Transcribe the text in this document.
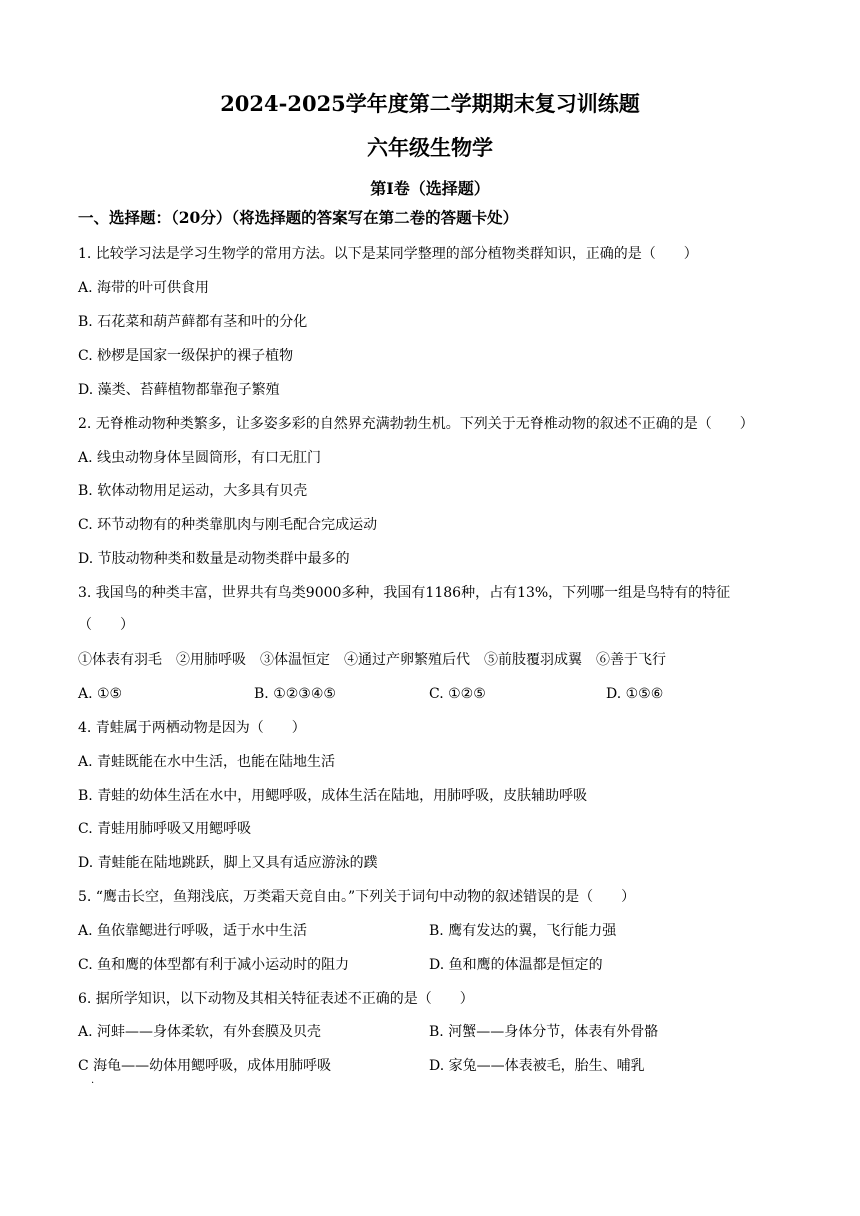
2024-2025学年度第二学期期末复习训练题
六年级生物学
第Ⅰ卷（选择题）
一、选择题：（20分）（将选择题的答案写在第二卷的答题卡处）
1. 比较学习法是学习生物学的常用方法。以下是某同学整理的部分植物类群知识，正确的是（　　）
A. 海带的叶可供食用
B. 石花菜和葫芦藓都有茎和叶的分化
C. 桫椤是国家一级保护的裸子植物
D. 藻类、苔藓植物都靠孢子繁殖
2. 无脊椎动物种类繁多，让多姿多彩的自然界充满勃勃生机。下列关于无脊椎动物的叙述不正确的是（　　）
A. 线虫动物身体呈圆筒形，有口无肛门
B. 软体动物用足运动，大多具有贝壳
C. 环节动物有的种类靠肌肉与刚毛配合完成运动
D. 节肢动物种类和数量是动物类群中最多的
3. 我国鸟的种类丰富，世界共有鸟类9000多种，我国有1186种，占有13%，下列哪一组是鸟特有的特征
（　　）
①体表有羽毛　②用肺呼吸　③体温恒定　④通过产卵繁殖后代　⑤前肢覆羽成翼　⑥善于飞行
A. ①⑤	B. ①②③④⑤	C. ①②⑤	D. ①⑤⑥
4. 青蛙属于两栖动物是因为（　　）
A. 青蛙既能在水中生活，也能在陆地生活
B. 青蛙的幼体生活在水中，用鳃呼吸，成体生活在陆地，用肺呼吸，皮肤辅助呼吸
C. 青蛙用肺呼吸又用鳃呼吸
D. 青蛙能在陆地跳跃，脚上又具有适应游泳的蹼
5. “鹰击长空，鱼翔浅底，万类霜天竞自由。”下列关于词句中动物的叙述错误的是（　　）
A. 鱼依靠鳃进行呼吸，适于水中生活	B. 鹰有发达的翼，飞行能力强
C. 鱼和鹰的体型都有利于减小运动时的阻力	D. 鱼和鹰的体温都是恒定的
6. 据所学知识，以下动物及其相关特征表述不正确的是（　　）
A. 河蚌——身体柔软，有外套膜及贝壳	B. 河蟹——身体分节，体表有外骨骼
C 海龟——幼体用鳃呼吸，成体用肺呼吸	D. 家兔——体表被毛，胎生、哺乳
.
